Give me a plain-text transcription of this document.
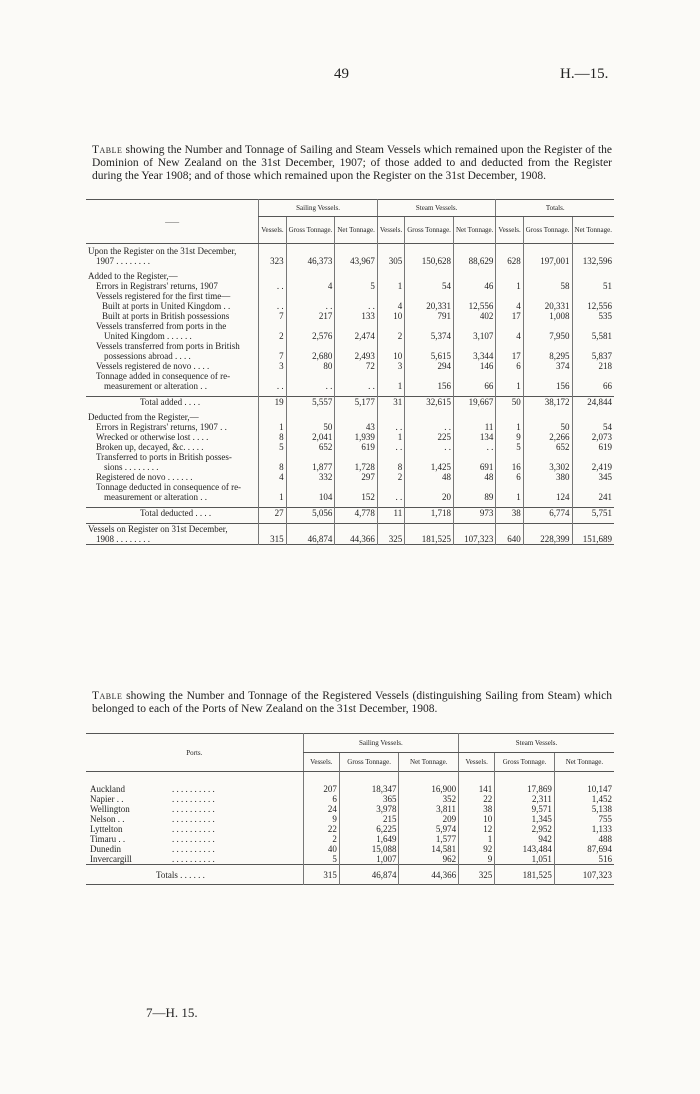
49	H.—15.
Table showing the Number and Tonnage of Sailing and Steam Vessels which remained upon the Register of the Dominion of New Zealand on the 31st December, 1907; of those added to and deducted from the Register during the Year 1908; and of those which remained upon the Register on the 31st December, 1908.
——	Sailing Vessels.			Steam Vessels.			Totals.		
	Vessels.	Gross Tonnage.	Net Tonnage.	Vessels.	Gross Tonnage.	Net Tonnage.	Vessels.	Gross Tonnage.	Net Tonnage.

Upon the Register on the 31st December,
1907 . . . . . . . .	323	46,373	43,967	305	150,628	88,629	628	197,001	132,596

Added to the Register,—									

Errors in Registrars' returns, 1907	. .	4	5	1	54	46	1	58	51

Vessels registered for the first time—									

Built at ports in United Kingdom . .	. .	. .	. .	4	20,331	12,556	4	20,331	12,556

Built at ports in British possessions	7	217	133	10	791	402	17	1,008	535

Vessels transferred from ports in the
United Kingdom . . . . . .	2	2,576	2,474	2	5,374	3,107	4	7,950	5,581

Vessels transferred from ports in British
possessions abroad . . . .	7	2,680	2,493	10	5,615	3,344	17	8,295	5,837

Vessels registered de novo . . . .	3	80	72	3	294	146	6	374	218

Tonnage added in consequence of re-
measurement or alteration . .	. .	. .	. .	1	156	66	1	156	66

Total added . . . .	19	5,557	5,177	31	32,615	19,667	50	38,172	24,844

Deducted from the Register,—									

Errors in Registrars' returns, 1907 . .	1	50	43	. .	. .	11	1	50	54

Wrecked or otherwise lost . . . .	8	2,041	1,939	1	225	134	9	2,266	2,073

Broken up, decayed, &c. . . . .	5	652	619	. .	. .	. .	5	652	619

Transferred to ports in British posses-
sions . . . . . . . .	8	1,877	1,728	8	1,425	691	16	3,302	2,419

Registered de novo . . . . . .	4	332	297	2	48	48	6	380	345

Tonnage deducted in consequence of re-
measurement or alteration . .	1	104	152	. .	20	89	1	124	241

Total deducted . . . .	27	5,056	4,778	11	1,718	973	38	6,774	5,751

Vessels on Register on 31st December,
1908 . . . . . . . .	315	46,874	44,366	325	181,525	107,323	640	228,399	151,689
Table showing the Number and Tonnage of the Registered Vessels (distinguishing Sailing from Steam) which belonged to each of the Ports of New Zealand on the 31st December, 1908.
Ports.	Sailing Vessels.			Steam Vessels.		
	Vessels.	Gross Tonnage.	Net Tonnage.	Vessels.	Gross Tonnage.	Net Tonnage.

Auckland . . . . . . . . . .	207	18,347	16,900	141	17,869	10,147
Napier . . . . . . . . . . . .	6	365	352	22	2,311	1,452
Wellington . . . . . . . . . .	24	3,978	3,811	38	9,571	5,138
Nelson . . . . . . . . . . . .	9	215	209	10	1,345	755
Lyttelton . . . . . . . . . .	22	6,225	5,974	12	2,952	1,133
Timaru . . . . . . . . . . . .	2	1,649	1,577	1	942	488
Dunedin . . . . . . . . . .	40	15,088	14,581	92	143,484	87,694
Invercargill . . . . . . . . . .	5	1,007	962	9	1,051	516
Totals . . . . . .	315	46,874	44,366	325	181,525	107,323
7—H. 15.
